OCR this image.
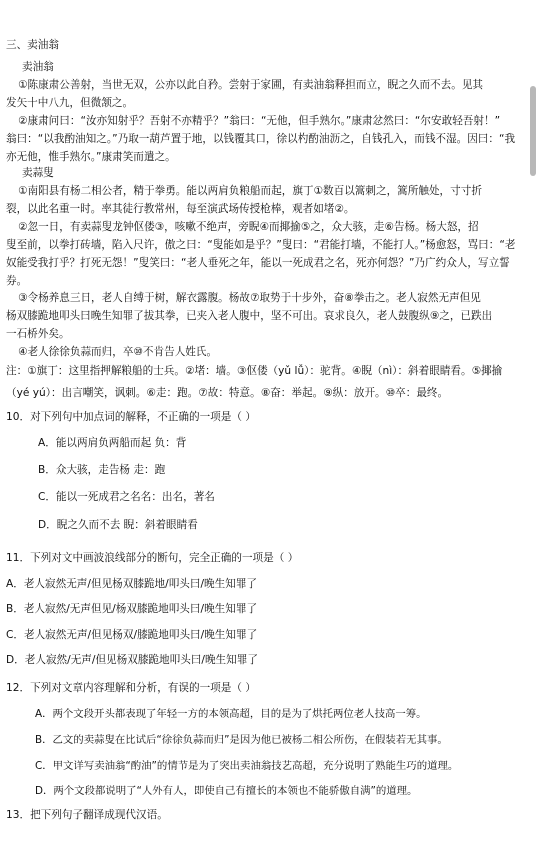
三、卖油翁
卖油翁
①陈康肃公善射，当世无双，公亦以此自矜。尝射于家圃，有卖油翁释担而立，睨之久而不去。见其
发矢十中八九，但微颔之。
②康肃问曰：“汝亦知射乎？吾射不亦精乎？”翁曰：“无他，但手熟尔。”康肃忿然曰：“尔安敢轻吾射！”
翁曰：“以我酌油知之。”乃取一葫芦置于地，以钱覆其口，徐以杓酌油沥之，自钱孔入，而钱不湿。因曰：“我
亦无他，惟手熟尔。”康肃笑而遣之。
卖蒜叟
①南阳县有杨二相公者，精于拳勇。能以两肩负粮船而起，旗丁①数百以篙刺之，篙所触处，寸寸折
裂，以此名重一时。率其徒行教常州，每至演武场传授枪棒，观者如堵②。
②忽一日，有卖蒜叟龙钟伛偻③，咳嗽不绝声，旁睨④而揶揄⑤之，众大骇，走⑥告杨。杨大怒，招
叟至前，以拳打砖墙，陷入尺许，傲之曰：“叟能如是乎？”叟曰：“君能打墙，不能打人。”杨愈怒，骂曰：“老
奴能受我打乎？打死无怨！”叟笑曰：“老人垂死之年，能以一死成君之名，死亦何怨？”乃广约众人，写立誓
券。
③令杨养息三日，老人自缚于树，解衣露腹。杨故⑦取势于十步外，奋⑧拳击之。老人寂然无声但见
杨双膝跪地叩头曰晚生知罪了拔其拳，已夹入老人腹中，坚不可出。哀求良久，老人鼓腹纵⑨之，已跌出
一石桥外矣。
④老人徐徐负蒜而归，卒⑩不肯告人姓氏。
注：①旗丁：这里指押解粮船的士兵。②堵：墙。③伛偻（yǔ lǚ）：驼背。④睨（nì）：斜着眼睛看。⑤揶揄
（yé yú）：出言嘲笑，讽刺。⑥走：跑。⑦故：特意。⑧奋：举起。⑨纵：放开。⑩卒：最终。
10．对下列句中加点词的解释，不正确的一项是（ ）
A．能以两肩负两船而起 负：背
B．众大骇，走告杨 走：跑
C．能以一死成君之名名：出名，著名
D．睨之久而不去 睨：斜着眼睛看
11．下列对文中画波浪线部分的断句，完全正确的一项是（ ）
A．老人寂然无声/但见杨双膝跪地/叩头曰/晚生知罪了
B．老人寂然/无声但见/杨双膝跪地叩头曰/晚生知罪了
C．老人寂然无声/但见杨双/膝跪地叩头曰/晚生知罪了
D．老人寂然/无声/但见杨双膝跪地叩头曰/晚生知罪了
12．下列对文章内容理解和分析，有误的一项是（ ）
A．两个文段开头都表现了年轻一方的本领高超，目的是为了烘托两位老人技高一筹。
B．乙文的卖蒜叟在比试后“徐徐负蒜而归”是因为他已被杨二相公所伤，在假装若无其事。
C．甲文详写卖油翁“酌油”的情节是为了突出卖油翁技艺高超，充分说明了熟能生巧的道理。
D．两个文段都说明了“人外有人，即使自己有擅长的本领也不能骄傲自满”的道理。
13．把下列句子翻译成现代汉语。
